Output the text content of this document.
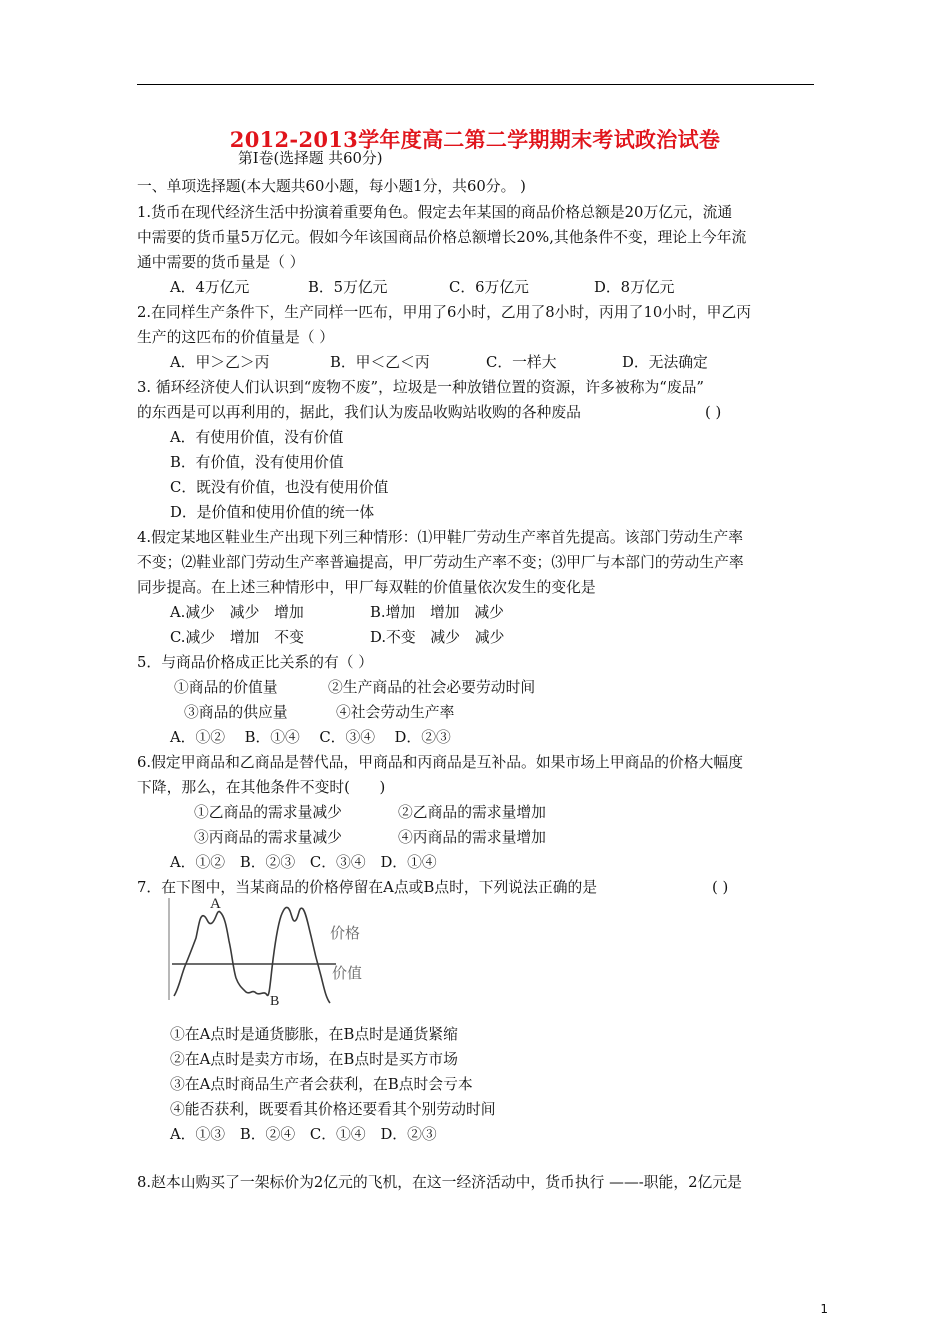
2012-2013学年度高二第二学期期末考试政治试卷
第Ⅰ卷(选择题 共60分)
一、单项选择题(本大题共60小题，每小题1分，共60分。 )
1.货币在现代经济生活中扮演着重要角色。假定去年某国的商品价格总额是20万亿元，流通
中需要的货币量5万亿元。假如今年该国商品价格总额增长20%,其他条件不变，理论上今年流
通中需要的货币量是（ ）
A．4万亿元	B．5万亿元	C．6万亿元	D．8万亿元
2.在同样生产条件下，生产同样一匹布，甲用了6小时，乙用了8小时，丙用了10小时，甲乙丙
生产的这匹布的价值量是（ ）
A．甲＞乙＞丙	B．甲＜乙＜丙	C．一样大	D．无法确定
3. 循环经济使人们认识到“废物不废”，垃圾是一种放错位置的资源，许多被称为“废品”
的东西是可以再利用的，据此，我们认为废品收购站收购的各种废品	( )
A．有使用价值，没有价值
B．有价值，没有使用价值
C．既没有价值，也没有使用价值
D．是价值和使用价值的统一体
4.假定某地区鞋业生产出现下列三种情形：⑴甲鞋厂劳动生产率首先提高。该部门劳动生产率
不变；⑵鞋业部门劳动生产率普遍提高，甲厂劳动生产率不变；⑶甲厂与本部门的劳动生产率
同步提高。在上述三种情形中，甲厂每双鞋的价值量依次发生的变化是
A.减少　减少　增加	B.增加　增加　减少
C.减少　增加　不变	D.不变　减少　减少
5．与商品价格成正比关系的有（ ）
①商品的价值量	②生产商品的社会必要劳动时间
③商品的供应量	④社会劳动生产率
A．①②　 B．①④　 C．③④　 D．②③
6.假定甲商品和乙商品是替代品，甲商品和丙商品是互补品。如果市场上甲商品的价格大幅度
下降，那么，在其他条件不变时(　　)
①乙商品的需求量减少	②乙商品的需求量增加
③丙商品的需求量减少	④丙商品的需求量增加
A．①②　B．②③　C．③④　D．①④
7．在下图中，当某商品的价格停留在A点或B点时，下列说法正确的是	( )
A
B
价格
价值
①在A点时是通货膨胀，在B点时是通货紧缩
②在A点时是卖方市场，在B点时是买方市场
③在A点时商品生产者会获利，在B点时会亏本
④能否获利，既要看其价格还要看其个别劳动时间
A．①③　B．②④　C．①④　D．②③
8.赵本山购买了一架标价为2亿元的飞机，在这一经济活动中，货币执行 ——-职能，2亿元是
1
